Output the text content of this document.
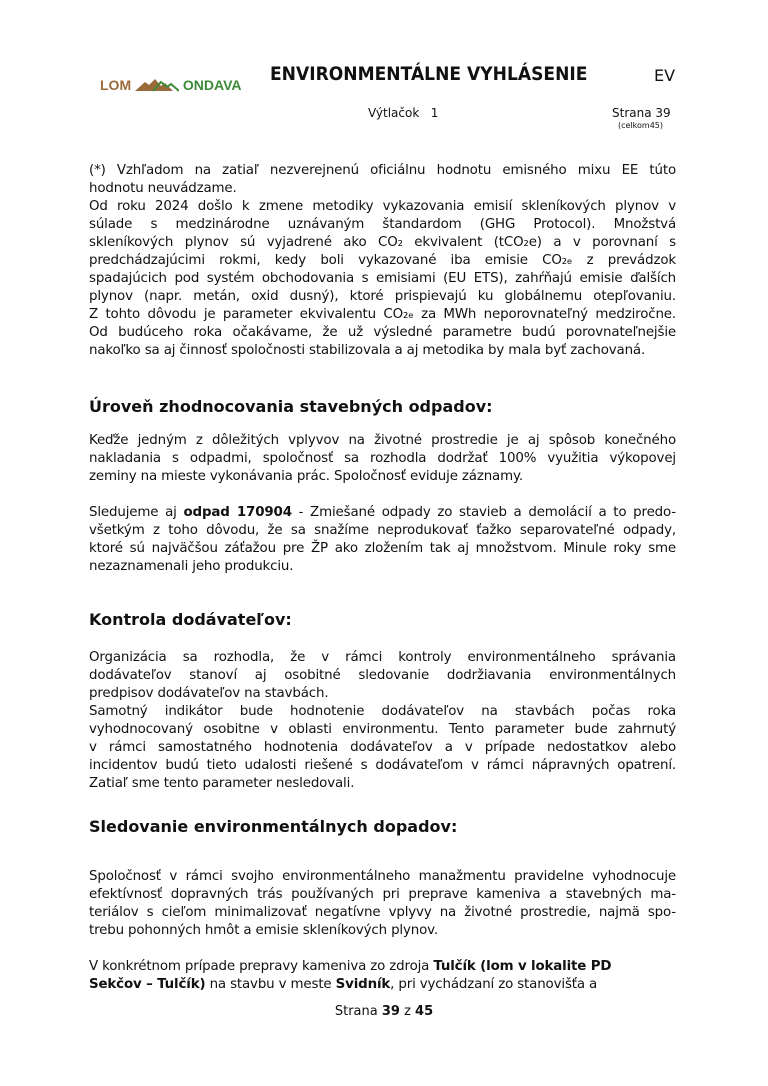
LOM	ONDAVA ENVIRONMENTÁLNE VYHLÁSENIE	EV
Výtlačok 1	Strana 39
(celkom45)
Úroveň zhodnocovania stavebných odpadov:
Kontrola dodávateľov:
Sledovanie environmentálnych dopadov:
(*) Vzhľadom na zatiaľ nezverejnenú oficiálnu hodnotu emisného mixu EE túto
hodnotu neuvádzame.
Od roku 2024 došlo k zmene metodiky vykazovania emisií skleníkových plynov v
súlade s medzinárodne uznávaným štandardom (GHG Protocol). Množstvá
skleníkových plynov sú vyjadrené ako CO₂ ekvivalent (tCO₂e) a v porovnaní s
predchádzajúcimi rokmi, kedy boli vykazované iba emisie CO₂ₑ z prevádzok
spadajúcich pod systém obchodovania s emisiami (EU ETS), zahŕňajú emisie ďalších
plynov (napr. metán, oxid dusný), ktoré prispievajú ku globálnemu otepľovaniu.
Z tohto dôvodu je parameter ekvivalentu CO₂ₑ za MWh neporovnateľný medziročne.
Od budúceho roka očakávame, že už výsledné parametre budú porovnateľnejšie
nakoľko sa aj činnosť spoločnosti stabilizovala a aj metodika by mala byť zachovaná.
Keďže jedným z dôležitých vplyvov na životné prostredie je aj spôsob konečného
nakladania s odpadmi, spoločnosť sa rozhodla dodržať 100% využitia výkopovej
zeminy na mieste vykonávania prác. Spoločnosť eviduje záznamy.
Sledujeme aj odpad 170904 - Zmiešané odpady zo stavieb a demolácií a to predo-
všetkým z toho dôvodu, že sa snažíme neprodukovať ťažko separovateľné odpady,
ktoré sú najväčšou záťažou pre ŽP ako zložením tak aj množstvom. Minule roky sme
nezaznamenali jeho produkciu.
Organizácia sa rozhodla, že v rámci kontroly environmentálneho správania
dodávateľov stanoví aj osobitné sledovanie dodržiavania environmentálnych
predpisov dodávateľov na stavbách.
Samotný indikátor bude hodnotenie dodávateľov na stavbách počas roka
vyhodnocovaný osobitne v oblasti environmentu. Tento parameter bude zahrnutý
v rámci samostatného hodnotenia dodávateľov a v prípade nedostatkov alebo
incidentov budú tieto udalosti riešené s dodávateľom v rámci nápravných opatrení.
Zatiaľ sme tento parameter nesledovali.
Spoločnosť v rámci svojho environmentálneho manažmentu pravidelne vyhodnocuje
efektívnosť dopravných trás používaných pri preprave kameniva a stavebných ma-
teriálov s cieľom minimalizovať negatívne vplyvy na životné prostredie, najmä spo-
trebu pohonných hmôt a emisie skleníkových plynov.
V konkrétnom prípade prepravy kameniva zo zdroja Tulčík (lom v lokalite PD
Sekčov – Tulčík) na stavbu v meste Svidník, pri vychádzaní zo stanovišťa a
Strana 39 z 45
